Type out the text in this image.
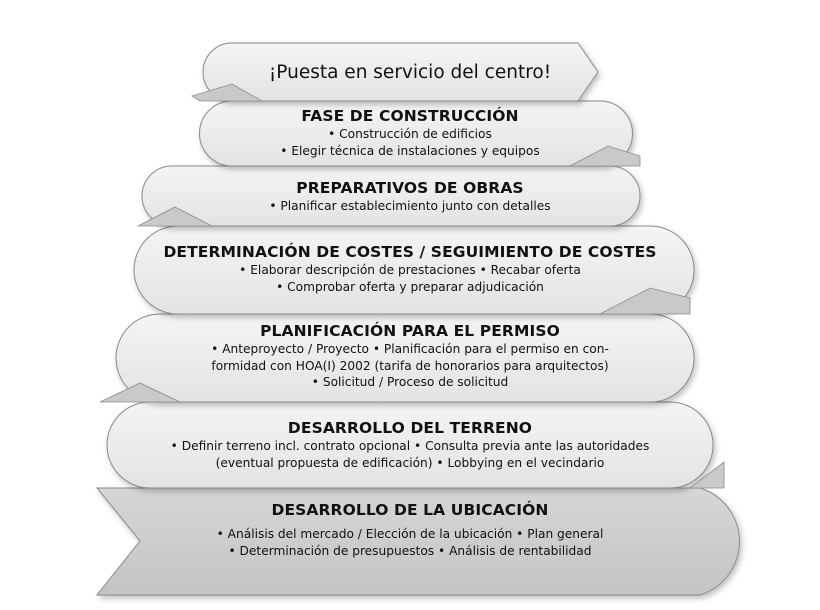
¡Puesta en servicio del centro!
FASE DE CONSTRUCCIÓN
• Construcción de edificios
• Elegir técnica de instalaciones y equipos
PREPARATIVOS DE OBRAS
• Planificar establecimiento junto con detalles
DETERMINACIÓN DE COSTES / SEGUIMIENTO DE COSTES
• Elaborar descripción de prestaciones • Recabar oferta
• Comprobar oferta y preparar adjudicación
PLANIFICACIÓN PARA EL PERMISO
• Anteproyecto / Proyecto • Planificación para el permiso en con-
formidad con HOA(I) 2002 (tarifa de honorarios para arquitectos)
• Solicitud / Proceso de solicitud
DESARROLLO DEL TERRENO
• Definir terreno incl. contrato opcional • Consulta previa ante las autoridades
(eventual propuesta de edificación) • Lobbying en el vecindario
DESARROLLO DE LA UBICACIÓN
• Análisis del mercado / Elección de la ubicación • Plan general
• Determinación de presupuestos • Análisis de rentabilidad
